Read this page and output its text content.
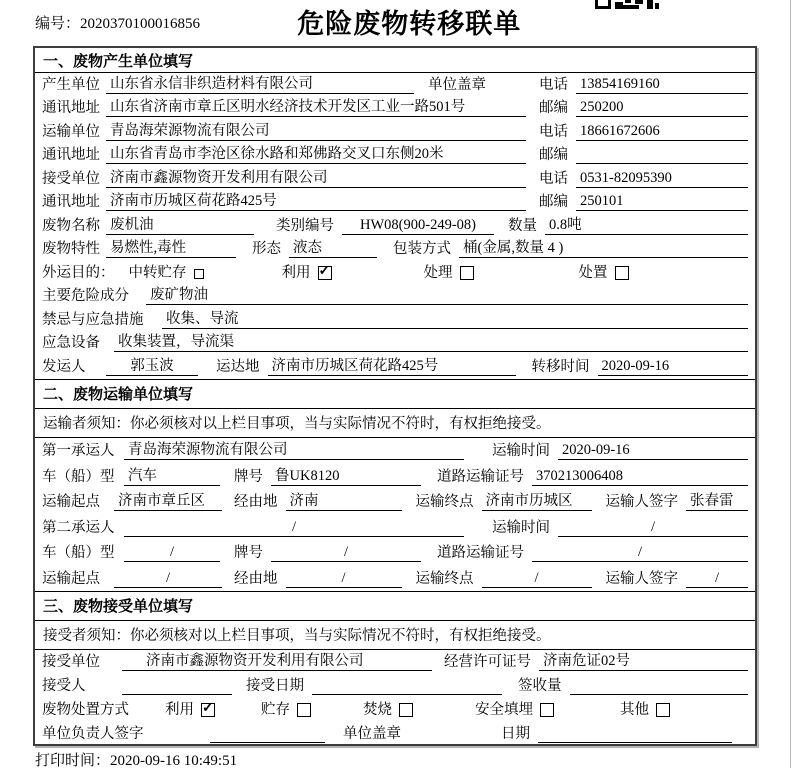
编号：2020370100016856	危险废物转移联单
一、废物产生单位填写
产生单位 山东省永信非织造材料有限公司	单位盖章	电话 13854169160
通讯地址 山东省济南市章丘区明水经济技术开发区工业一路501号	邮编 250200
运输单位 青岛海荣源物流有限公司	电话 18661672606
通讯地址 山东省青岛市李沧区徐水路和郑佛路交叉口东侧20米	邮编
接受单位 济南市鑫源物资开发利用有限公司	电话 0531-82095390
通讯地址 济南市历城区荷花路425号	邮编 250101
废物名称 废机油	类别编号	HW08(900-249-08)	数量 0.8吨
废物特性 易燃性,毒性	形态 液态	包装方式 桶(金属,数量 4 )
外运目的： 中转贮存	利用 ✓	处理	处置
主要危险成分	废矿物油
禁忌与应急措施	收集、导流
应急设备	收集装置，导流渠
发运人	郭玉波	运达地 济南市历城区荷花路425号	转移时间 2020-09-16
二、废物运输单位填写
运输者须知：你必须核对以上栏目事项，当与实际情况不符时，有权拒绝接受。
第一承运人 青岛海荣源物流有限公司	运输时间 2020-09-16
车（船）型 汽车	牌号 鲁UK8120	道路运输证号 370213006408
运输起点	济南市章丘区	经由地 济南	运输终点 济南市历城区	运输人签字 张春雷
第二承运人	/	运输时间	/
车（船）型	/	牌号	/	道路运输证号	/
运输起点	/	经由地	/	运输终点	/	运输人签字	/
三、废物接受单位填写
接受者须知：你必须核对以上栏目事项，当与实际情况不符时，有权拒绝接受。
接受单位	济南市鑫源物资开发利用有限公司	经营许可证号 济南危证02号
接受人	接受日期	签收量
废物处置方式 利用 ✓	贮存	焚烧	安全填埋	其他
单位负责人签字	单位盖章	日期
打印时间：2020-09-16 10:49:51
